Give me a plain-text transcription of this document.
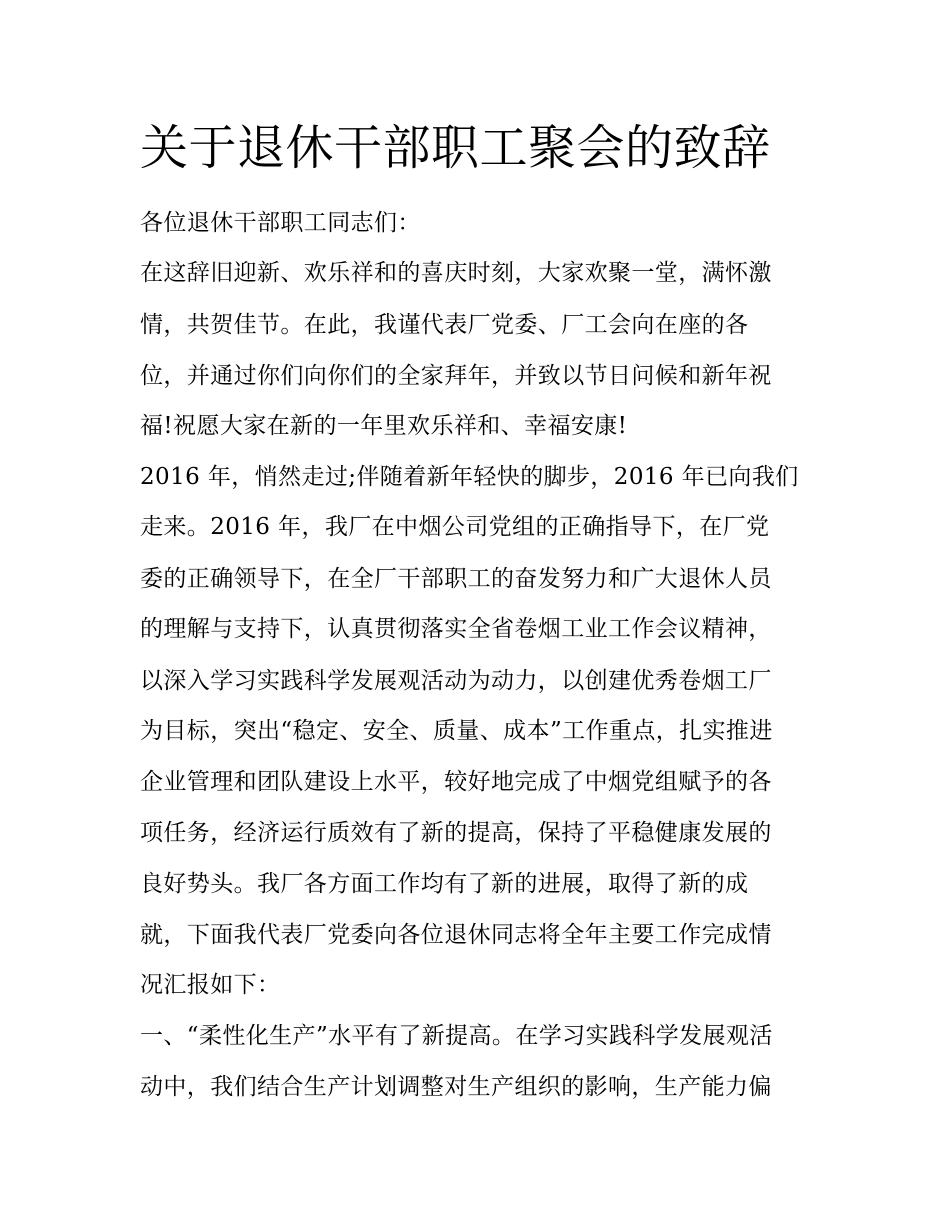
关于退休干部职工聚会的致辞

各位退休干部职工同志们：

在这辞旧迎新、欢乐祥和的喜庆时刻，大家欢聚一堂，满怀激

情，共贺佳节。在此，我谨代表厂党委、厂工会向在座的各

位，并通过你们向你们的全家拜年，并致以节日问候和新年祝

福!祝愿大家在新的一年里欢乐祥和、幸福安康!

2016 年，悄然走过;伴随着新年轻快的脚步，2016 年已向我们

走来。2016 年，我厂在中烟公司党组的正确指导下，在厂党

委的正确领导下，在全厂干部职工的奋发努力和广大退休人员

的理解与支持下，认真贯彻落实全省卷烟工业工作会议精神，

以深入学习实践科学发展观活动为动力，以创建优秀卷烟工厂

为目标，突出“稳定、安全、质量、成本”工作重点，扎实推进

企业管理和团队建设上水平，较好地完成了中烟党组赋予的各

项任务，经济运行质效有了新的提高，保持了平稳健康发展的

良好势头。我厂各方面工作均有了新的进展，取得了新的成

就，下面我代表厂党委向各位退休同志将全年主要工作完成情

况汇报如下：

一、“柔性化生产”水平有了新提高。在学习实践科学发展观活

动中，我们结合生产计划调整对生产组织的影响，生产能力偏
